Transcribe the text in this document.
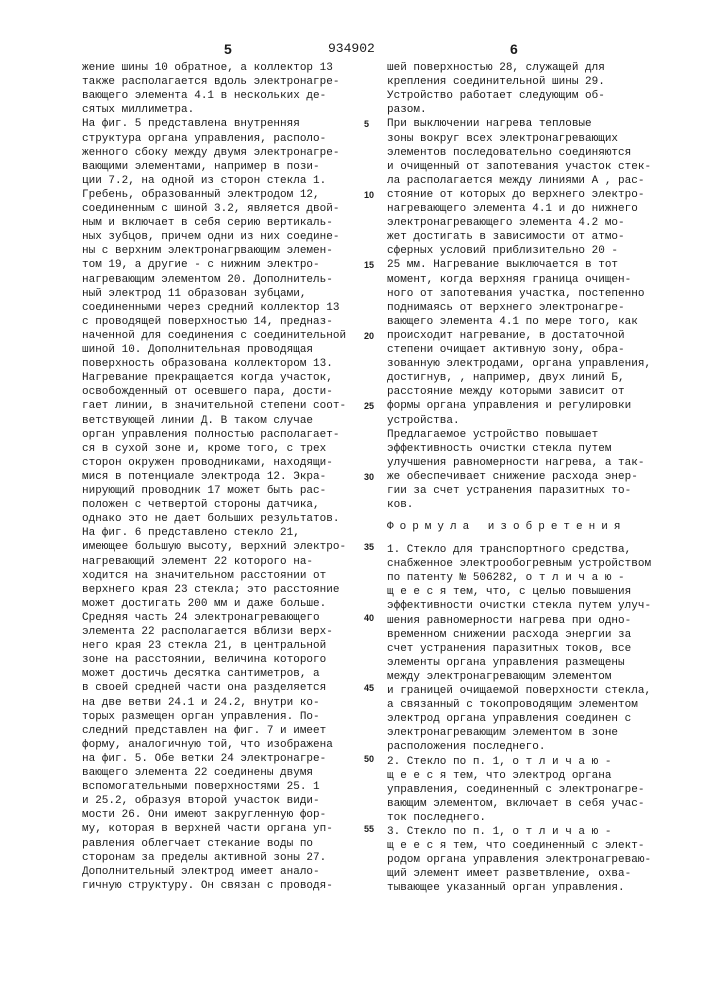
5	934902	6
жение шины 10 обратное, а коллектор 13
также располагается вдоль электронагре-
вающего элемента 4.1 в нескольких де-
сятых миллиметра.
На фиг. 5 представлена внутренняя
структура органа управления, располо-
женного сбоку между двумя электронагре-
вающими элементами, например в пози-
ции 7.2, на одной из сторон стекла 1.
Гребень, образованный электродом 12,
соединенным с шиной 3.2, является двой-
ным и включает в себя серию вертикаль-
ных зубцов, причем одни из них соедине-
ны с верхним электронагрвающим элемен-
том 19, а другие - с нижним электро-
нагревающим элементом 20. Дополнитель-
ный электрод 11 образован зубцами,
соединенными через средний коллектор 13
с проводящей поверхностью 14, предназ-
наченной для соединения с соединительной
шиной 10. Дополнительная проводящая
поверхность образована коллектором 13.
Нагревание прекращается когда участок,
освобожденный от осевшего пара, дости-
гает линии, в значительной степени соот-
ветствующей линии Д. В таком случае
орган управления полностью располагает-
ся в сухой зоне и, кроме того, с трех
сторон окружен проводниками, находящи-
мися в потенциале электрода 12. Экра-
нирующий проводник 17 может быть рас-
положен с четвертой стороны датчика,
однако это не дает больших результатов.
На фиг. 6 представлено стекло 21,
имеющее большую высоту, верхний электро-
нагревающий элемент 22 которого на-
ходится на значительном расстоянии от
верхнего края 23 стекла; это расстояние
может достигать 200 мм и даже больше.
Средняя часть 24 электронагревающего
элемента 22 располагается вблизи верх-
него края 23 стекла 21, в центральной
зоне на расстоянии, величина которого
может достичь десятка сантиметров, а
в своей средней части она разделяется
на две ветви 24.1 и 24.2, внутри ко-
торых размещен орган управления. По-
следний представлен на фиг. 7 и имеет
форму, аналогичную той, что изображена
на фиг. 5. Обе ветки 24 электронагре-
вающего элемента 22 соединены двумя
вспомогательными поверхностями 25. 1
и 25.2, образуя второй участок види-
мости 26. Они имеют закругленную фор-
му, которая в верхней части органа уп-
равления облегчает стекание воды по
сторонам за пределы активной зоны 27.
Дополнительный электрод имеет анало-
гичную структуру. Он связан с проводя-
5
10
15
20
25
30
35
40
45
50
55
шей поверхностью 28, служащей для
крепления соединительной шины 29.
Устройство работает следующим об-
разом.
При выключении нагрева тепловые
зоны вокруг всех электронагревающих
элементов последовательно соединяются
и очищенный от запотевания участок стек-
ла располагается между линиями А , рас-
стояние от которых до верхнего электро-
нагревающего элемента 4.1 и до нижнего
электронагревающего элемента 4.2 мо-
жет достигать в зависимости от атмо-
сферных условий приблизительно 20 -
25 мм. Нагревание выключается в тот
момент, когда верхняя граница очищен-
ного от запотевания участка, постепенно
поднимаясь от верхнего электронагре-
вающего элемента 4.1 по мере того, как
происходит нагревание, в достаточной
степени очищает активную зону, обра-
зованную электродами, органа управления,
достигнув, , например, двух линий Б,
расстояние между которыми зависит от
формы органа управления и регулировки
устройства.
Предлагаемое устройство повышает
эффективность очистки стекла путем
улучшения равномерности нагрева, а так-
же обеспечивает снижение расхода энер-
гии за счет устранения паразитных то-
ков.
Формула изобретения
1. Стекло для транспортного средства,
снабженное электрообогревным устройством
по патенту № 506282, о т л и ч а ю -
щ е е с я тем, что, с целью повышения
эффективности очистки стекла путем улуч-
шения равномерности нагрева при одно-
временном снижении расхода энергии за
счет устранения паразитных токов, все
элементы органа управления размещены
между электронагревающим элементом
и границей очищаемой поверхности стекла,
а связанный с токопроводящим элементом
электрод органа управления соединен с
электронагревающим элементом в зоне
расположения последнего.
2. Стекло по п. 1, о т л и ч а ю -
щ е е с я тем, что электрод органа
управления, соединенный с электронагре-
вающим элементом, включает в себя учас-
ток последнего.
3. Стекло по п. 1, о т л и ч а ю -
щ е е с я тем, что соединенный с элект-
родом органа управления электронагреваю-
щий элемент имеет разветвление, охва-
тывающее указанный орган управления.
